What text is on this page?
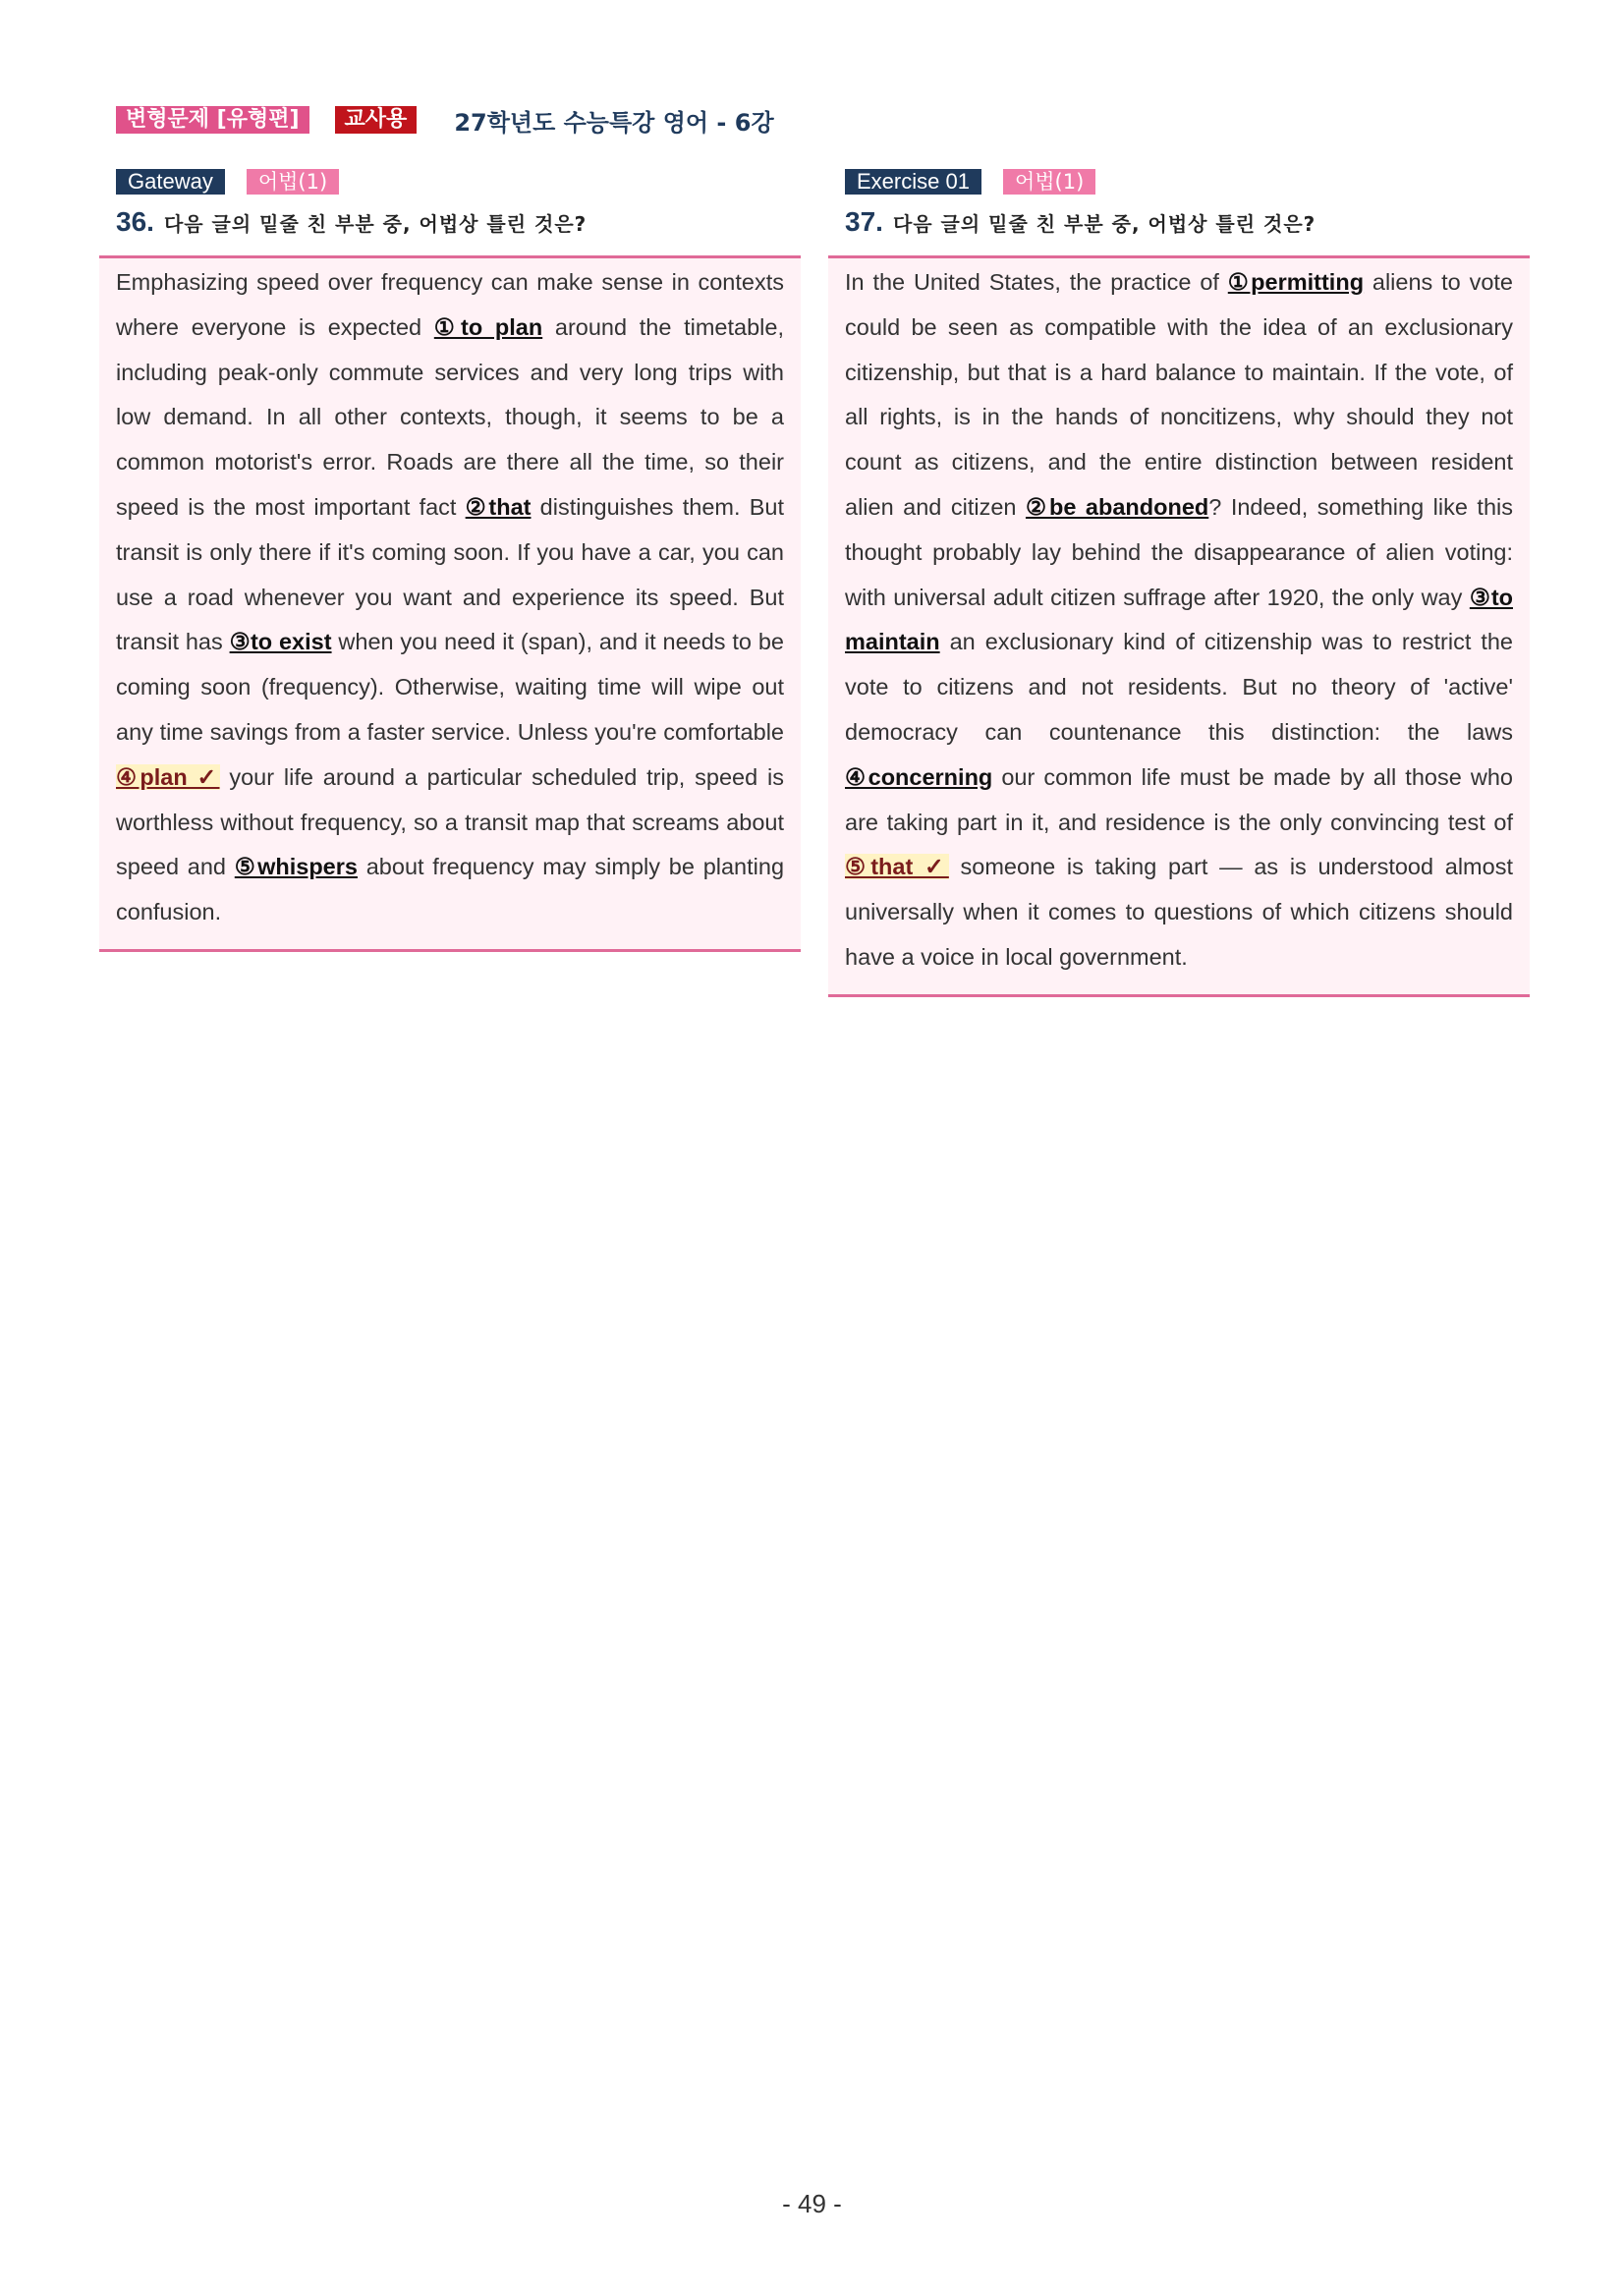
변형문제 [유형편]	교사용	27학년도 수능특강 영어 - 6강
Gateway	어법(1)
36. 다음 글의 밑줄 친 부분 중, 어법상 틀린 것은?

Emphasizing speed over frequency can make sense in contexts where everyone is expected ①to plan around the timetable, including peak-only commute services and very long trips with low demand. In all other contexts, though, it seems to be a common motorist's error. Roads are there all the time, so their speed is the most important fact ②that distinguishes them. But transit is only there if it's coming soon. If you have a car, you can use a road whenever you want and experience its speed. But transit has ③to exist when you need it (span), and it needs to be coming soon (frequency). Otherwise, waiting time will wipe out any time savings from a faster service. Unless you're comfortable ④plan ✓ your life around a particular scheduled trip, speed is worthless without frequency, so a transit map that screams about speed and ⑤whispers about frequency may simply be planting confusion.

Exercise 01	어법(1)
37. 다음 글의 밑줄 친 부분 중, 어법상 틀린 것은?

In the United States, the practice of ①permitting aliens to vote could be seen as compatible with the idea of an exclusionary citizenship, but that is a hard balance to maintain. If the vote, of all rights, is in the hands of noncitizens, why should they not count as citizens, and the entire distinction between resident alien and citizen ②be abandoned? Indeed, something like this thought probably lay behind the disappearance of alien voting: with universal adult citizen suffrage after 1920, the only way ③to maintain an exclusionary kind of citizenship was to restrict the vote to citizens and not residents. But no theory of 'active' democracy can countenance this distinction: the laws ④concerning our common life must be made by all those who are taking part in it, and residence is the only convincing test of ⑤that ✓ someone is taking part — as is understood almost universally when it comes to questions of which citizens should have a voice in local government.

- 49 -
